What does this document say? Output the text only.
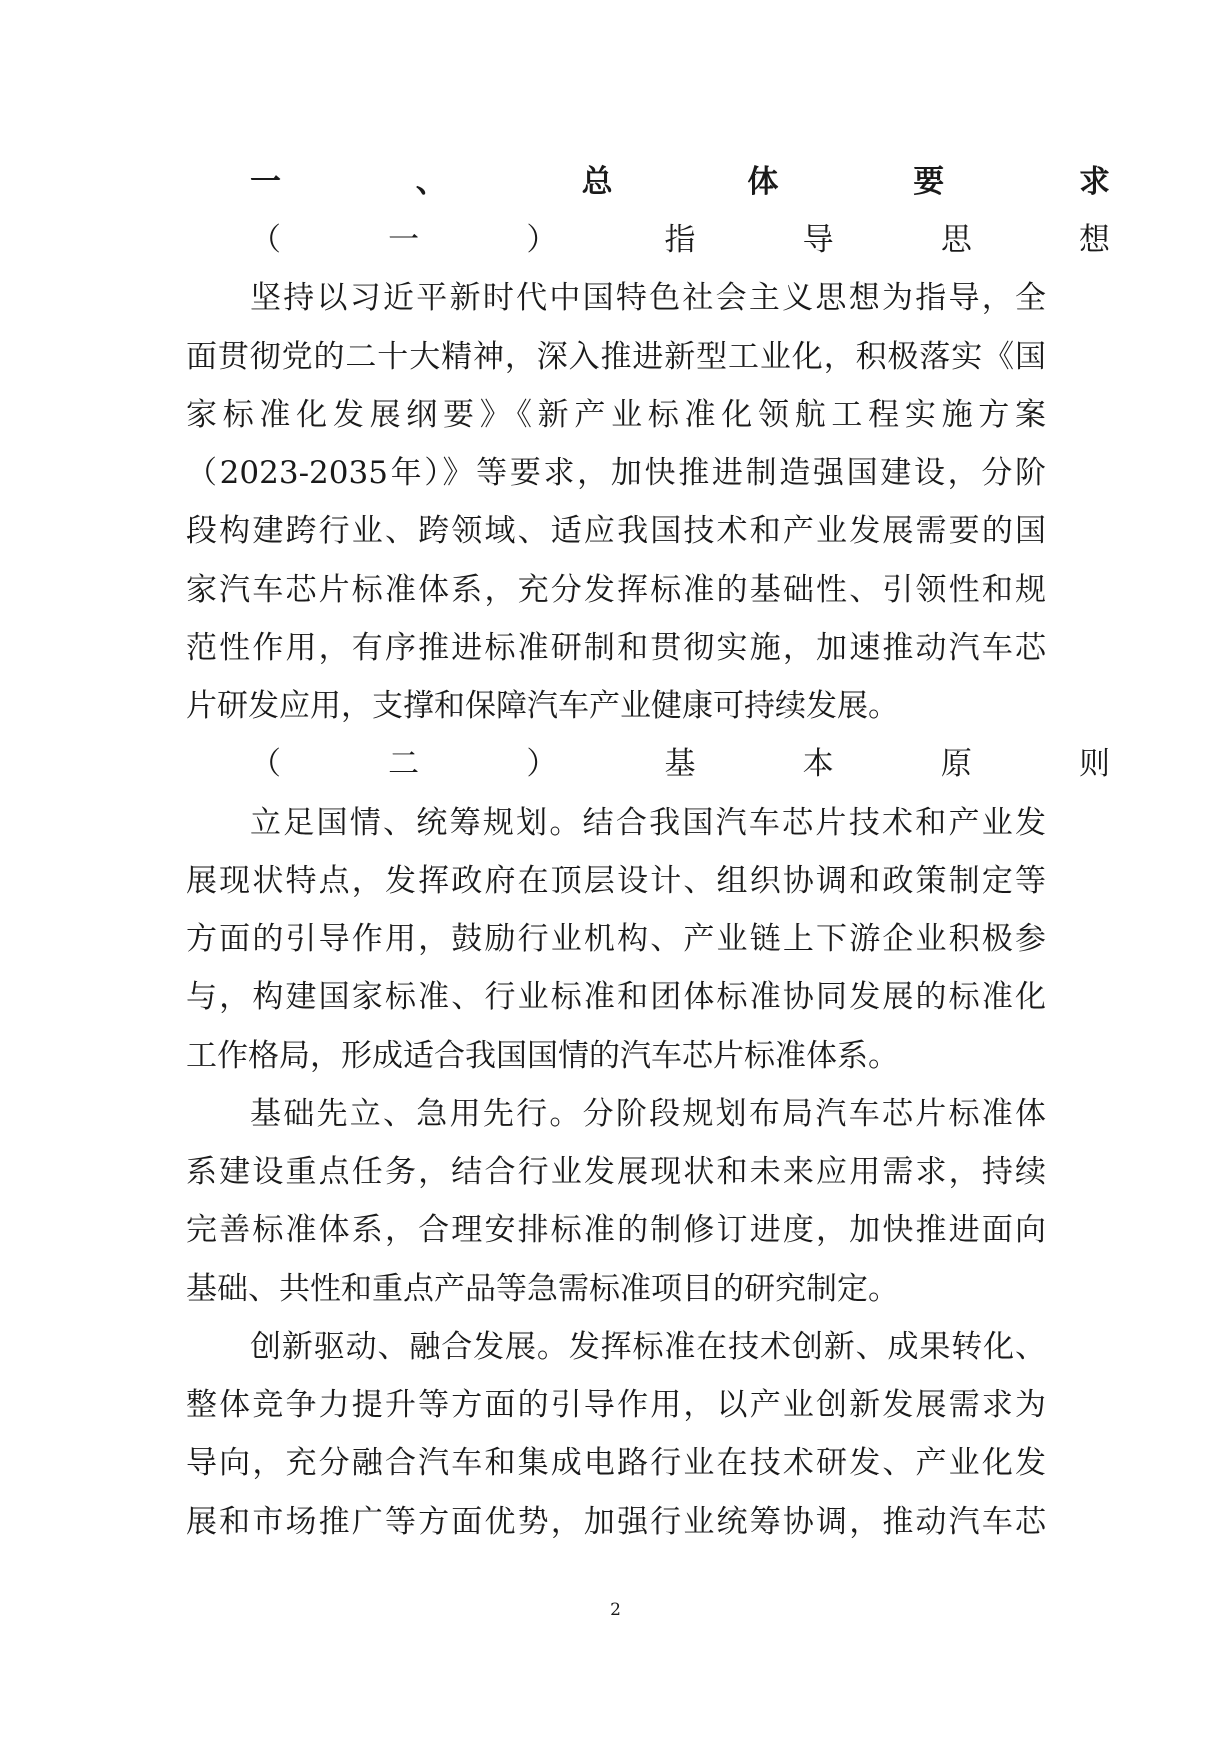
一、总体要求
（一）指导思想
坚持以习近平新时代中国特色社会主义思想为指导，全
面贯彻党的二十大精神，深入推进新型工业化，积极落实《国
家标准化发展纲要》《新产业标准化领航工程实施方案
（2023-2035年）》等要求，加快推进制造强国建设，分阶
段构建跨行业、跨领域、适应我国技术和产业发展需要的国
家汽车芯片标准体系，充分发挥标准的基础性、引领性和规
范性作用，有序推进标准研制和贯彻实施，加速推动汽车芯
片研发应用，支撑和保障汽车产业健康可持续发展。
（二）基本原则
立足国情、统筹规划。结合我国汽车芯片技术和产业发
展现状特点，发挥政府在顶层设计、组织协调和政策制定等
方面的引导作用，鼓励行业机构、产业链上下游企业积极参
与，构建国家标准、行业标准和团体标准协同发展的标准化
工作格局，形成适合我国国情的汽车芯片标准体系。
基础先立、急用先行。分阶段规划布局汽车芯片标准体
系建设重点任务，结合行业发展现状和未来应用需求，持续
完善标准体系，合理安排标准的制修订进度，加快推进面向
基础、共性和重点产品等急需标准项目的研究制定。
创新驱动、融合发展。发挥标准在技术创新、成果转化、
整体竞争力提升等方面的引导作用，以产业创新发展需求为
导向，充分融合汽车和集成电路行业在技术研发、产业化发
展和市场推广等方面优势，加强行业统筹协调，推动汽车芯
2
